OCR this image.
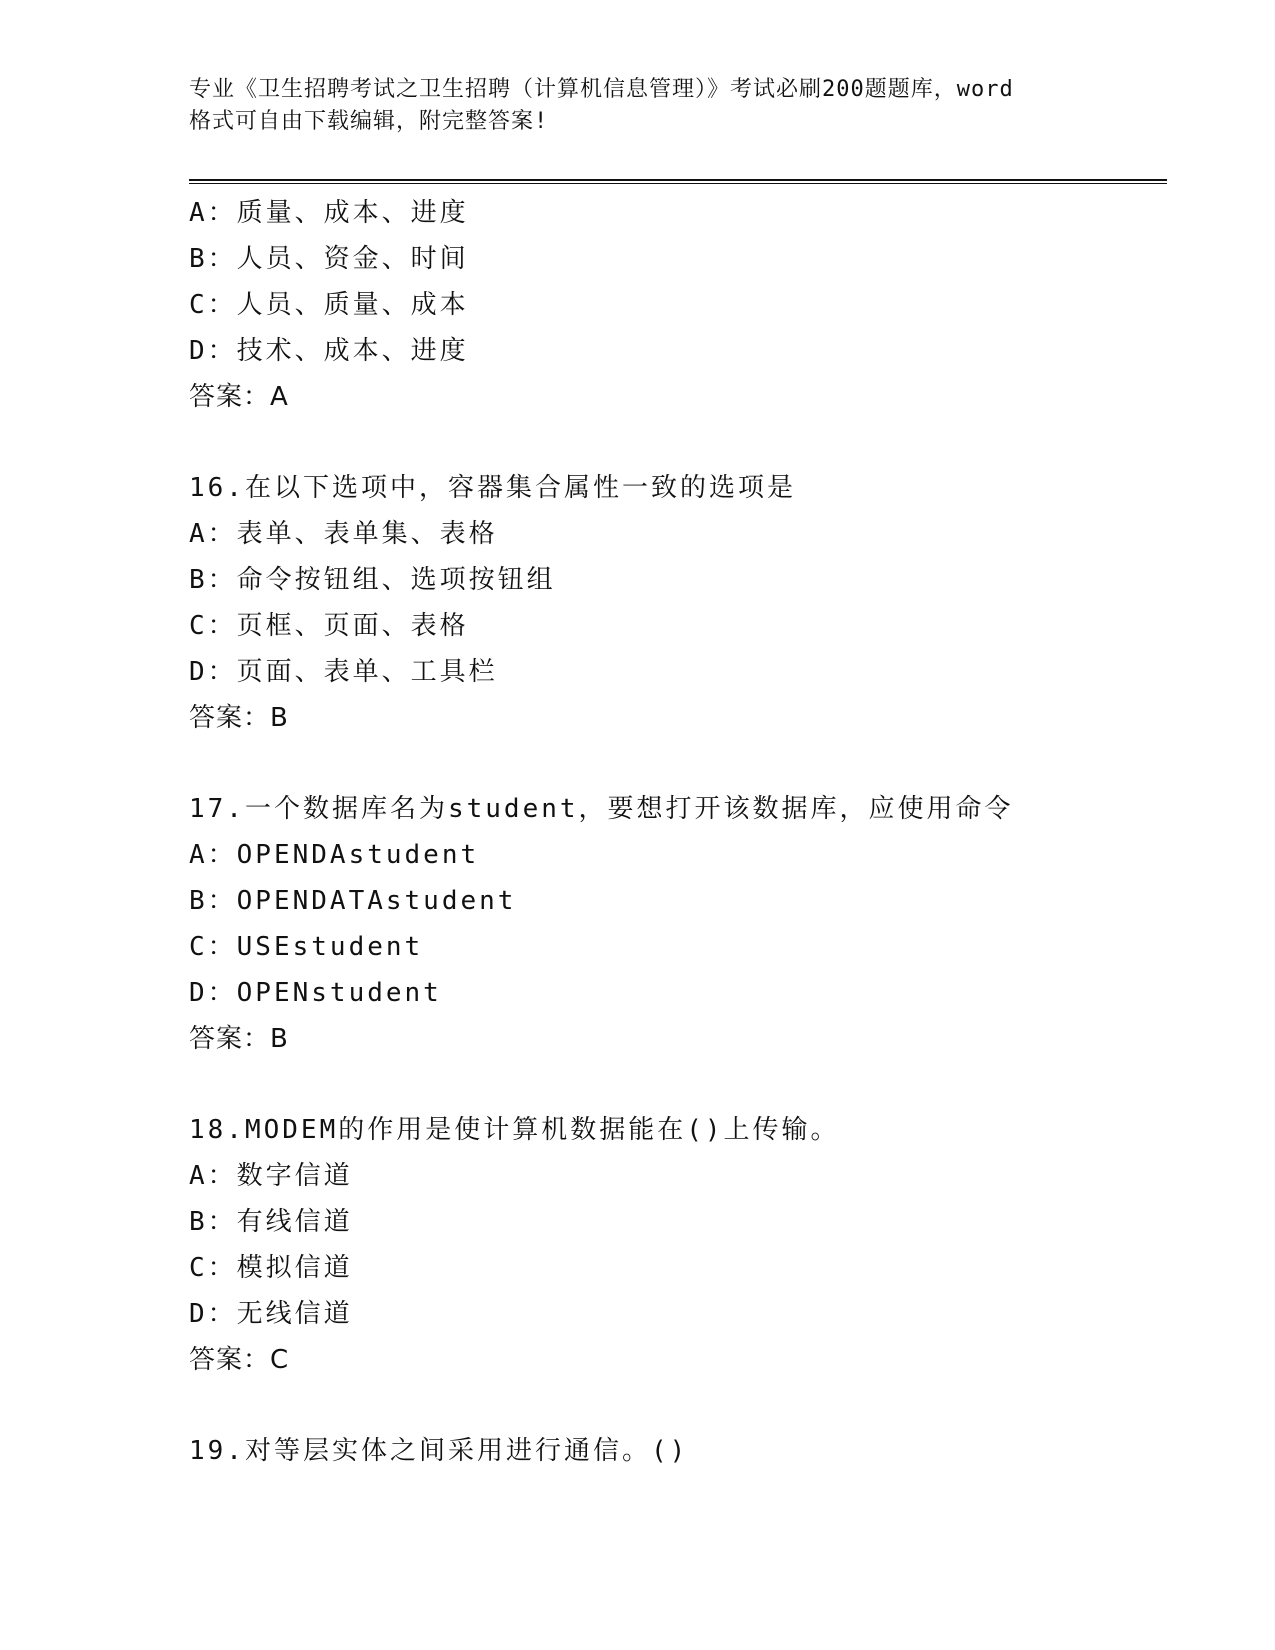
专业《卫生招聘考试之卫生招聘（计算机信息管理）》考试必刷200题题库，word
格式可自由下载编辑，附完整答案!
A：质量、成本、进度
B：人员、资金、时间
C：人员、质量、成本
D：技术、成本、进度
答案：A
16.在以下选项中，容器集合属性一致的选项是
A：表单、表单集、表格
B：命令按钮组、选项按钮组
C：页框、页面、表格
D：页面、表单、工具栏
答案：B
17.一个数据库名为student，要想打开该数据库，应使用命令
A：OPENDAstudent
B：OPENDATAstudent
C：USEstudent
D：OPENstudent
答案：B
18.MODEM的作用是使计算机数据能在()上传输。
A：数字信道
B：有线信道
C：模拟信道
D：无线信道
答案：C
19.对等层实体之间采用进行通信。()
